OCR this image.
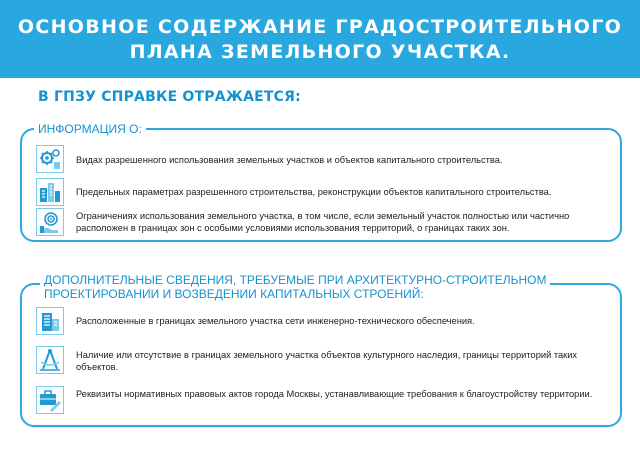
ОСНОВНОЕ СОДЕРЖАНИЕ ГРАДОСТРОИТЕЛЬНОГО
ПЛАНА ЗЕМЕЛЬНОГО УЧАСТКА.
В ГПЗУ СПРАВКЕ ОТРАЖАЕТСЯ:
ИНФОРМАЦИЯ О:
Видах разрешенного использования земельных участков и объектов капитального строительства.
Предельных параметрах разрешенного строительства, реконструкции объектов капитального строительства.
Ограничениях использования земельного участка, в том числе, если земельный участок полностью или частично расположен в границах зон с особыми условиями использования территорий, о границах таких зон.
ДОПОЛНИТЕЛЬНЫЕ СВЕДЕНИЯ, ТРЕБУЕМЫЕ ПРИ АРХИТЕКТУРНО-СТРОИТЕЛЬНОМ
ПРОЕКТИРОВАНИИ И ВОЗВЕДЕНИИ КАПИТАЛЬНЫХ СТРОЕНИЙ:
Расположенные в границах земельного участка сети инженерно-технического обеспечения.
Наличие или отсутствие в границах земельного участка объектов культурного наследия, границы территорий таких объектов.
Реквизиты нормативных правовых актов города Москвы, устанавливающие требования к благоустройству территории.
